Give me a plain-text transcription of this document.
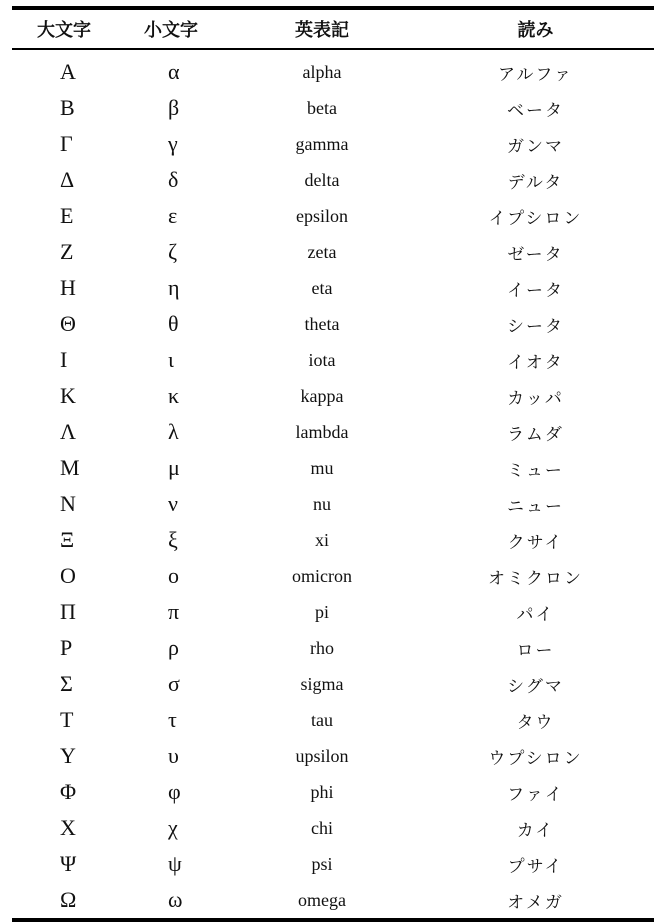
大文字	小文字	英表記	読み
Α	α	alpha	アルファ
Β	β	beta	ベータ
Γ	γ	gamma	ガンマ
Δ	δ	delta	デルタ
Ε	ε	epsilon	イプシロン
Ζ	ζ	zeta	ゼータ
Η	η	eta	イータ
Θ	θ	theta	シータ
Ι	ι	iota	イオタ
Κ	κ	kappa	カッパ
Λ	λ	lambda	ラムダ
Μ	μ	mu	ミュー
Ν	ν	nu	ニュー
Ξ	ξ	xi	クサイ
Ο	ο	omicron	オミクロン
Π	π	pi	パイ
Ρ	ρ	rho	ロー
Σ	σ	sigma	シグマ
Τ	τ	tau	タウ
Υ	υ	upsilon	ウプシロン
Φ	φ	phi	ファイ
Χ	χ	chi	カイ
Ψ	ψ	psi	プサイ
Ω	ω	omega	オメガ
